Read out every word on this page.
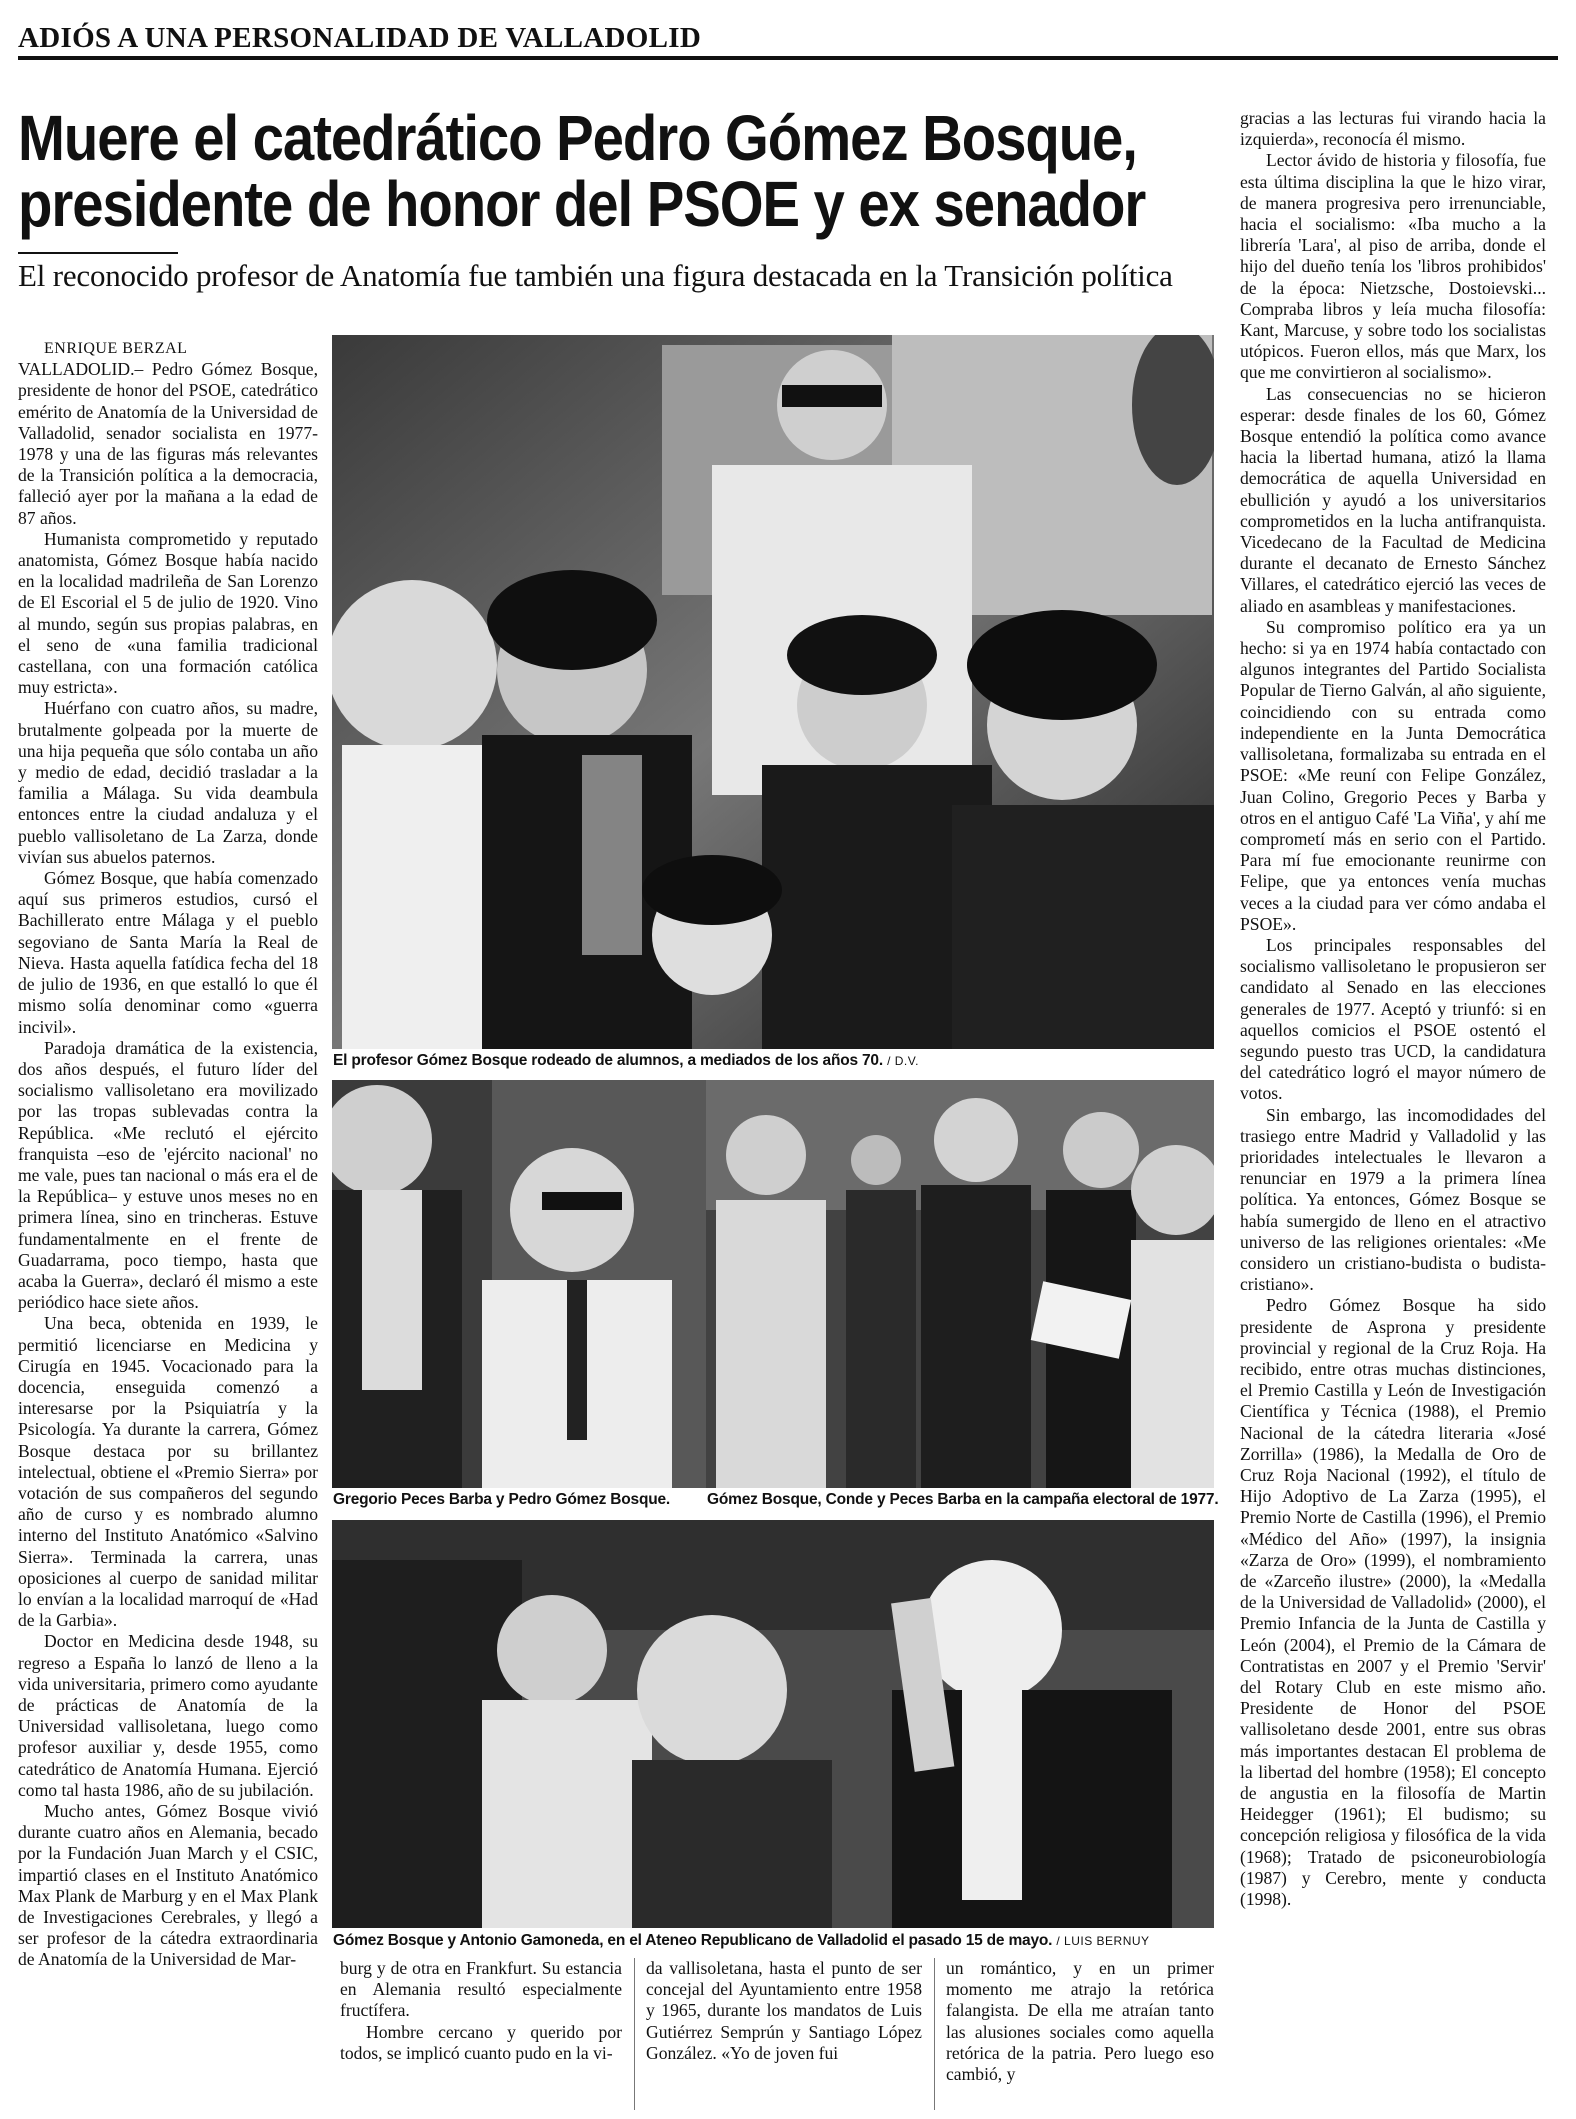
ADIÓS A UNA PERSONALIDAD DE VALLADOLID
Muere el catedrático Pedro Gómez Bosque,
presidente de honor del PSOE y ex senador
El reconocido profesor de Anatomía fue también una figura destacada en la Transición política

ENRIQUE BERZAL

VALLADOLID.– Pedro Gómez Bosque, presidente de honor del PSOE, catedrático emérito de Anatomía de la Universidad de Valladolid, senador socialista en 1977-1978 y una de las figuras más relevantes de la Transición política a la democracia, falleció ayer por la mañana a la edad de 87 años.

Humanista comprometido y reputado anatomista, Gómez Bosque había nacido en la localidad madrileña de San Lorenzo de El Escorial el 5 de julio de 1920. Vino al mundo, según sus propias palabras, en el seno de «una familia tradicional castellana, con una formación católica muy estricta».

Huérfano con cuatro años, su madre, brutalmente golpeada por la muerte de una hija pequeña que sólo contaba un año y medio de edad, decidió trasladar a la familia a Málaga. Su vida deambula entonces entre la ciudad andaluza y el pueblo vallisoletano de La Zarza, donde vivían sus abuelos paternos.

Gómez Bosque, que había comenzado aquí sus primeros estudios, cursó el Bachillerato entre Málaga y el pueblo segoviano de Santa María la Real de Nieva. Hasta aquella fatídica fecha del 18 de julio de 1936, en que estalló lo que él mismo solía denominar como «guerra incivil».

Paradoja dramática de la existencia, dos años después, el futuro líder del socialismo vallisoletano era movilizado por las tropas sublevadas contra la República. «Me reclutó el ejército franquista –eso de 'ejército nacional' no me vale, pues tan nacional o más era el de la República– y estuve unos meses no en primera línea, sino en trincheras. Estuve fundamentalmente en el frente de Guadarrama, poco tiempo, hasta que acaba la Guerra», declaró él mismo a este periódico hace siete años.

Una beca, obtenida en 1939, le permitió licenciarse en Medicina y Cirugía en 1945. Vocacionado para la docencia, enseguida comenzó a interesarse por la Psiquiatría y la Psicología. Ya durante la carrera, Gómez Bosque destaca por su brillantez intelectual, obtiene el «Premio Sierra» por votación de sus compañeros del segundo año de curso y es nombrado alumno interno del Instituto Anatómico «Salvino Sierra». Terminada la carrera, unas oposiciones al cuerpo de sanidad militar lo envían a la localidad marroquí de «Had de la Garbia».

Doctor en Medicina desde 1948, su regreso a España lo lanzó de lleno a la vida universitaria, primero como ayudante de prácticas de Anatomía de la Universidad vallisoletana, luego como profesor auxiliar y, desde 1955, como catedrático de Anatomía Humana. Ejerció como tal hasta 1986, año de su jubilación.

Mucho antes, Gómez Bosque vivió durante cuatro años en Alemania, becado por la Fundación Juan March y el CSIC, impartió clases en el Instituto Anatómico Max Plank de Marburg y en el Max Plank de Investigaciones Cerebrales, y llegó a ser profesor de la cátedra extraordinaria de Anatomía de la Universidad de Mar-

El profesor Gómez Bosque rodeado de alumnos, a mediados de los años 70. / D.V.
Gregorio Peces Barba y Pedro Gómez Bosque. Gómez Bosque, Conde y Peces Barba en la campaña electoral de 1977.
Gómez Bosque y Antonio Gamoneda, en el Ateneo Republicano de Valladolid el pasado 15 de mayo. / LUIS BERNUY

burg y de otra en Frankfurt. Su estancia en Alemania resultó especialmente fructífera.

Hombre cercano y querido por todos, se implicó cuanto pudo en la vi-

da vallisoletana, hasta el punto de ser concejal del Ayuntamiento entre 1958 y 1965, durante los mandatos de Luis Gutiérrez Semprún y Santiago López González. «Yo de joven fui

un romántico, y en un primer momento me atrajo la retórica falangista. De ella me atraían tanto las alusiones sociales como aquella retórica de la patria. Pero luego eso cambió, y

gracias a las lecturas fui virando hacia la izquierda», reconocía él mismo.

Lector ávido de historia y filosofía, fue esta última disciplina la que le hizo virar, de manera progresiva pero irrenunciable, hacia el socialismo: «Iba mucho a la librería 'Lara', al piso de arriba, donde el hijo del dueño tenía los 'libros prohibidos' de la época: Nietzsche, Dostoievski... Compraba libros y leía mucha filosofía: Kant, Marcuse, y sobre todo los socialistas utópicos. Fueron ellos, más que Marx, los que me convirtieron al socialismo».

Las consecuencias no se hicieron esperar: desde finales de los 60, Gómez Bosque entendió la política como avance hacia la libertad humana, atizó la llama democrática de aquella Universidad en ebullición y ayudó a los universitarios comprometidos en la lucha antifranquista. Vicedecano de la Facultad de Medicina durante el decanato de Ernesto Sánchez Villares, el catedrático ejerció las veces de aliado en asambleas y manifestaciones.

Su compromiso político era ya un hecho: si ya en 1974 había contactado con algunos integrantes del Partido Socialista Popular de Tierno Galván, al año siguiente, coincidiendo con su entrada como independiente en la Junta Democrática vallisoletana, formalizaba su entrada en el PSOE: «Me reuní con Felipe González, Juan Colino, Gregorio Peces y Barba y otros en el antiguo Café 'La Viña', y ahí me comprometí más en serio con el Partido. Para mí fue emocionante reunirme con Felipe, que ya entonces venía muchas veces a la ciudad para ver cómo andaba el PSOE».

Los principales responsables del socialismo vallisoletano le propusieron ser candidato al Senado en las elecciones generales de 1977. Aceptó y triunfó: si en aquellos comicios el PSOE ostentó el segundo puesto tras UCD, la candidatura del catedrático logró el mayor número de votos.

Sin embargo, las incomodidades del trasiego entre Madrid y Valladolid y las prioridades intelectuales le llevaron a renunciar en 1979 a la primera línea política. Ya entonces, Gómez Bosque se había sumergido de lleno en el atractivo universo de las religiones orientales: «Me considero un cristiano-budista o budista-cristiano».

Pedro Gómez Bosque ha sido presidente de Asprona y presidente provincial y regional de la Cruz Roja. Ha recibido, entre otras muchas distinciones, el Premio Castilla y León de Investigación Científica y Técnica (1988), el Premio Nacional de la cátedra literaria «José Zorrilla» (1986), la Medalla de Oro de Cruz Roja Nacional (1992), el título de Hijo Adoptivo de La Zarza (1995), el Premio Norte de Castilla (1996), el Premio «Médico del Año» (1997), la insignia «Zarza de Oro» (1999), el nombramiento de «Zarceño ilustre» (2000), la «Medalla de la Universidad de Valladolid» (2000), el Premio Infancia de la Junta de Castilla y León (2004), el Premio de la Cámara de Contratistas en 2007 y el Premio 'Servir' del Rotary Club en este mismo año. Presidente de Honor del PSOE vallisoletano desde 2001, entre sus obras más importantes destacan El problema de la libertad del hombre (1958); El concepto de angustia en la filosofía de Martin Heidegger (1961); El budismo; su concepción religiosa y filosófica de la vida (1968); Tratado de psiconeurobiología (1987) y Cerebro, mente y conducta (1998).
